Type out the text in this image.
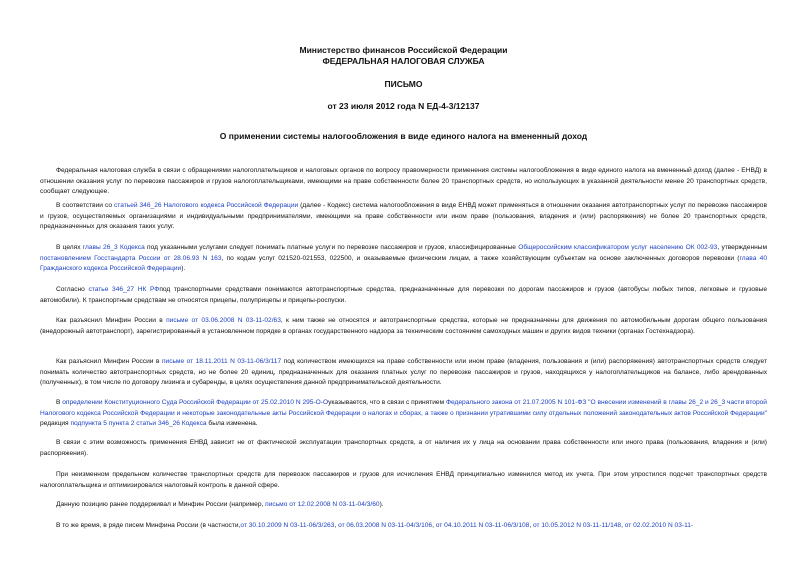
Министерство финансов Российской Федерации
ФЕДЕРАЛЬНАЯ НАЛОГОВАЯ СЛУЖБА
ПИСЬМО
от 23 июля 2012 года N ЕД-4-3/12137
О применении системы налогообложения в виде единого налога на вмененный доход
Федеральная налоговая служба в связи с обращениями налогоплательщиков и налоговых органов по вопросу правомерности применения системы налогообложения в виде единого налога на вмененный доход (далее - ЕНВД) в отношении оказания услуг по перевозке пассажиров и грузов налогоплательщиками, имеющими на праве собственности более 20 транспортных средств, но использующих в указанной деятельности менее 20 транспортных средств, сообщает следующее.
В соответствии со статьей 346_26 Налогового кодекса Российской Федерации (далее - Кодекс) система налогообложения в виде ЕНВД может применяться в отношении оказания автотранспортных услуг по перевозке пассажиров и грузов, осуществляемых организациями и индивидуальными предпринимателями, имеющими на праве собственности или ином праве (пользования, владения и (или) распоряжения) не более 20 транспортных средств, предназначенных для оказания таких услуг.
В целях главы 26_3 Кодекса под указанными услугами следует понимать платные услуги по перевозке пассажиров и грузов, классифицированные Общероссийским классификатором услуг населению ОК 002-93, утвержденным постановлением Госстандарта России от 28.06.93 N 163, по кодам услуг 021520-021553, 022500, и оказываемые физическим лицам, а также хозяйствующим субъектам на основе заключенных договоров перевозки (глава 40 Гражданского кодекса Российской Федерации).
Согласно статье 346_27 НК РФпод транспортными средствами понимаются автотранспортные средства, предназначенные для перевозки по дорогам пассажиров и грузов (автобусы любых типов, легковые и грузовые автомобили). К транспортным средствам не относятся прицепы, полуприцепы и прицепы-роспуски.
Как разъяснил Минфин России в письме от 03.06.2008 N 03-11-02/63, к ним также не относятся и автотранспортные средства, которые не предназначены для движения по автомобильным дорогам общего пользования (внедорожный автотранспорт), зарегистрированный в установленном порядке в органах государственного надзора за техническим состоянием самоходных машин и других видов техники (органах Гостехнадзора).
Как разъяснил Минфин России в письме от 18.11.2011 N 03-11-06/3/117 под количеством имеющихся на праве собственности или ином праве (владения, пользования и (или) распоряжения) автотранспортных средств следует понимать количество автотранспортных средств, но не более 20 единиц, предназначенных для оказания платных услуг по перевозке пассажиров и грузов, находящихся у налогоплательщиков на балансе, либо арендованных (полученных), в том числе по договору лизинга и субаренды, в целях осуществления данной предпринимательской деятельности.
В определении Конституционного Суда Российской Федерации от 25.02.2010 N 295-О-Оуказывается, что в связи с принятием Федерального закона от 21.07.2005 N 101-ФЗ "О внесении изменений в главы 26_2 и 26_3 части второй Налогового кодекса Российской Федерации и некоторые законодательные акты Российской Федерации о налогах и сборах, а также о признании утратившими силу отдельных положений законодательных актов Российской Федерации" редакция подпункта 5 пункта 2 статьи 346_26 Кодекса была изменена.
В связи с этим возможность применения ЕНВД зависит не от фактической эксплуатации транспортных средств, а от наличия их у лица на основании права собственности или иного права (пользования, владения и (или) распоряжения).
При неизменном предельном количестве транспортных средств для перевозок пассажиров и грузов для исчисления ЕНВД принципиально изменился метод их учета. При этом упростился подсчет транспортных средств налогоплательщика и оптимизировался налоговый контроль в данной сфере.
Данную позицию ранее поддерживал и Минфин России (например, письмо от 12.02.2008 N 03-11-04/3/60).
В то же время, в ряде писем Минфина России (в частности,от 30.10.2009 N 03-11-06/3/263, от 06.03.2008 N 03-11-04/3/106, от 04.10.2011 N 03-11-06/3/108, от 10.05.2012 N 03-11-11/148, от 02.02.2010 N 03-11-
